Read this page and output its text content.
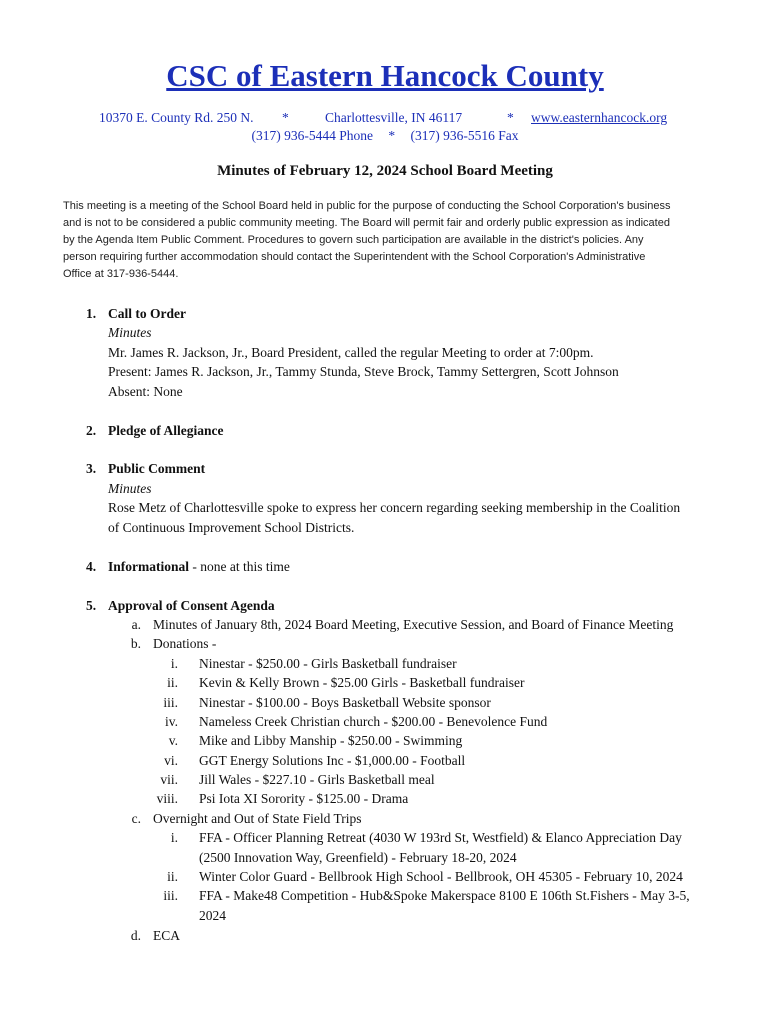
CSC of Eastern Hancock County
10370 E. County Rd. 250 N. *	Charlottesville, IN 46117	* www.easternhancock.org
(317) 936-5444 Phone * (317) 936-5516 Fax
Minutes of February 12, 2024 School Board Meeting

This meeting is a meeting of the School Board held in public for the purpose of conducting the School Corporation's business

and is not to be considered a public community meeting. The Board will permit fair and orderly public expression as indicated

by the Agenda Item Public Comment. Procedures to govern such participation are available in the district's policies. Any

person requiring further accommodation should contact the Superintendent with the School Corporation's Administrative

Office at 317-936-5444.

1. Call to Order
Minutes
Mr. James R. Jackson, Jr., Board President, called the regular Meeting to order at 7:00pm.
Present: James R. Jackson, Jr., Tammy Stunda, Steve Brock, Tammy Settergren, Scott Johnson
Absent: None
2. Pledge of Allegiance
3. Public Comment
Minutes
Rose Metz of Charlottesville spoke to express her concern regarding seeking membership in the Coalition
of Continuous Improvement School Districts.
4. Informational - none at this time
5. Approval of Consent Agenda
a. Minutes of January 8th, 2024 Board Meeting, Executive Session, and Board of Finance Meeting
b. Donations -
i. Ninestar - $250.00 - Girls Basketball fundraiser
ii. Kevin & Kelly Brown - $25.00 Girls - Basketball fundraiser
iii. Ninestar - $100.00 - Boys Basketball Website sponsor
iv. Nameless Creek Christian church - $200.00 - Benevolence Fund
v. Mike and Libby Manship - $250.00 - Swimming
vi. GGT Energy Solutions Inc - $1,000.00 - Football
vii. Jill Wales - $227.10 - Girls Basketball meal
viii. Psi Iota XI Sorority - $125.00 - Drama
c. Overnight and Out of State Field Trips
i. FFA - Officer Planning Retreat (4030 W 193rd St, Westfield) & Elanco Appreciation Day
(2500 Innovation Way, Greenfield) - February 18-20, 2024
ii. Winter Color Guard - Bellbrook High School - Bellbrook, OH 45305 - February 10, 2024
iii. FFA - Make48 Competition - Hub&Spoke Makerspace 8100 E 106th St.Fishers - May 3-5,
2024
d. ECA
